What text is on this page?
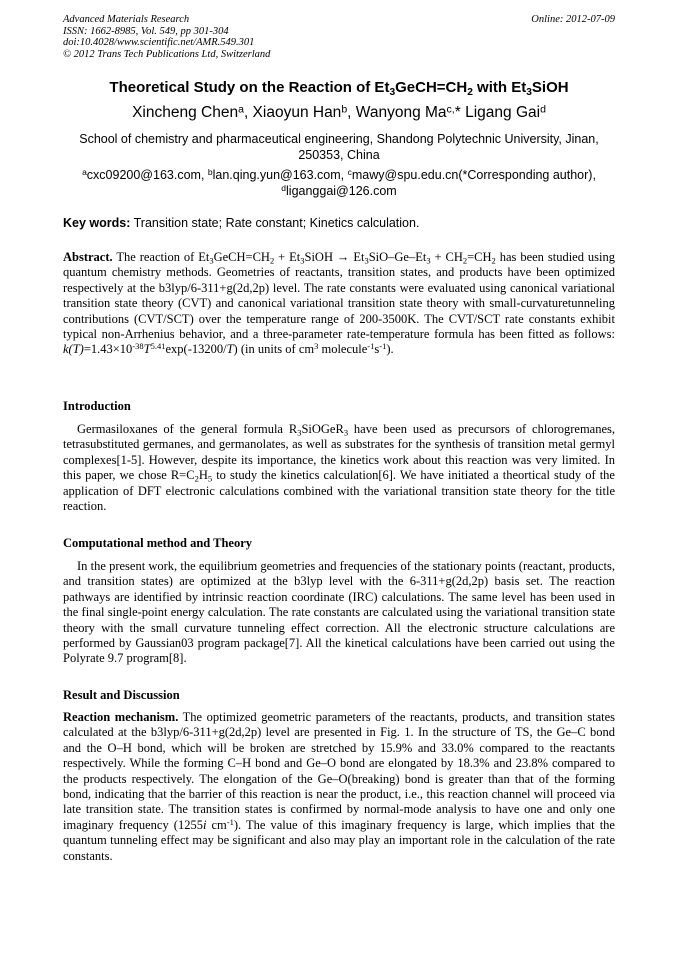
Advanced Materials Research
ISSN: 1662-8985, Vol. 549, pp 301-304
doi:10.4028/www.scientific.net/AMR.549.301
© 2012 Trans Tech Publications Ltd, Switzerland
Online: 2012-07-09
Theoretical Study on the Reaction of $Et_3GeCH=CH_2$ with $Et_3SiOH$
Xincheng Chen$^a$, Xiaoyun Han$^b$, Wanyong $Ma^{c,}*$ Ligang Gai$^d$
School of chemistry and pharmaceutical engineering, Shandong Polytechnic University, Jinan, 250353, China
$^a$cxc09200@163.com, $^b$lan.qing.yun@163.com, $^c$mawy@spu.edu.cn(*Corresponding author),
$^d$liganggai@126.com
Key words: Transition state; Rate constant; Kinetics calculation.
Abstract. The reaction of $Et_3GeCH=CH_2$ + $Et_3SiOH \to Et_3SiO-Ge-Et_3 + CH_2=CH_2$ has been studied using quantum chemistry methods. Geometries of reactants, transition states, and products have been optimized respectively at the b3lyp/6-311+g(2d,2p) level. The rate constants were evaluated using canonical variational transition state theory (CVT) and canonical variational transition state theory with small-curvaturetunneling contributions (CVT/SCT) over the temperature range of 200-3500K. The CVT/SCT rate constants exhibit typical non-Arrhenius behavior, and a three-parameter rate-temperature formula has been fitted as follows: $k(T)=1.43\times 10^{-38}T^{5.41}\exp(-13200/T)$ (in units of $cm^3$ $molecule^{-1}s^{-1}$).
Introduction
Germasiloxanes of the general formula $R_3SiOGeR_3$ have been used as precursors of chlorogremanes, tetrasubstituted germanes, and germanolates, as well as substrates for the synthesis of transition metal germyl complexes[1-5]. However, despite its importance, the kinetics work about this reaction was very limited. In this paper, we chose $R=C_2H_5$ to study the kinetics calculation[6]. We have initiated a theortical study of the application of DFT electronic calculations combined with the variational transition state theory for the title reaction.
Computational method and Theory
In the present work, the equilibrium geometries and frequencies of the stationary points (reactant, products, and transition states) are optimized at the b3lyp level with the 6-311+g(2d,2p) basis set. The reaction pathways are identified by intrinsic reaction coordinate (IRC) calculations. The same level has been used in the final single-point energy calculation. The rate constants are calculated using the variational transition state theory with the small curvature tunneling effect correction. All the electronic structure calculations are performed by Gaussian03 program package[7]. All the kinetical calculations have been carried out using the Polyrate 9.7 program[8].
Result and Discussion
Reaction mechanism. The optimized geometric parameters of the reactants, products, and transition states calculated at the b3lyp/6-311+g(2d,2p) level are presented in Fig. 1. In the structure of TS, the Ge–C bond and the O–H bond, which will be broken are stretched by 15.9% and 33.0% compared to the reactants respectively. While the forming C–H bond and Ge–O bond are elongated by 18.3% and 23.8% compared to the products respectively. The elongation of the Ge–O(breaking) bond is greater than that of the forming bond, indicating that the barrier of this reaction is near the product, i.e., this reaction channel will proceed via late transition state. The transition states is confirmed by normal-mode analysis to have one and only one imaginary frequency (1255i $cm^{-1}$). The value of this imaginary frequency is large, which implies that the quantum tunneling effect may be significant and also may play an important role in the calculation of the rate constants.
